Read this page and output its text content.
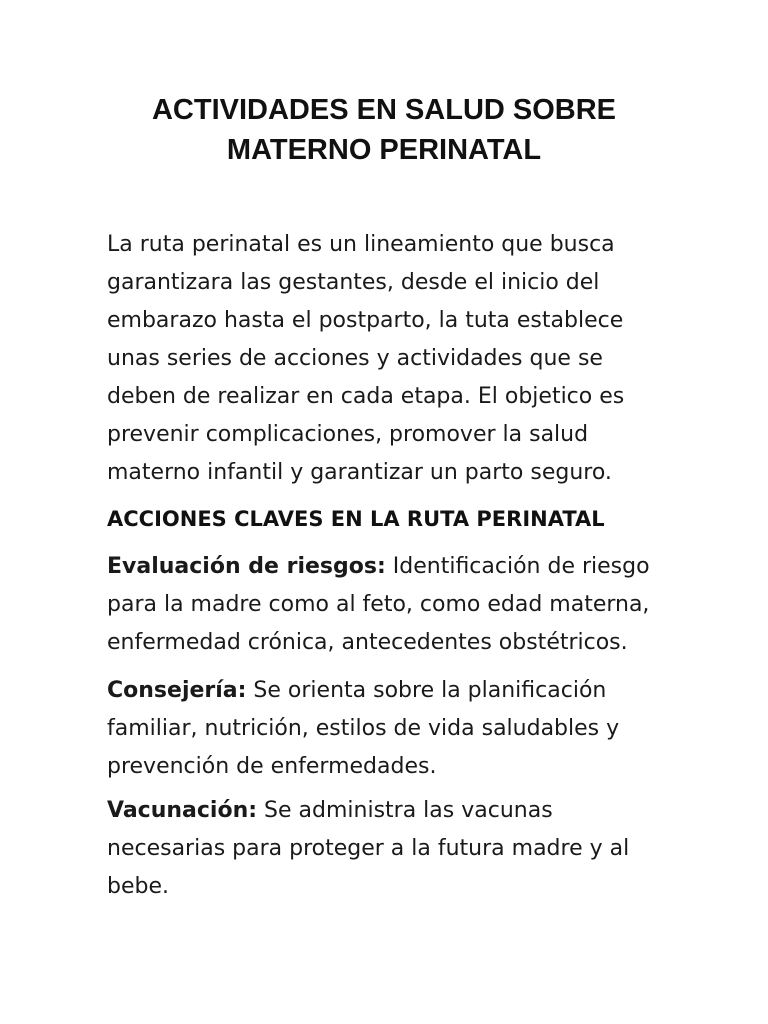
ACTIVIDADES EN SALUD SOBRE
MATERNO PERINATAL

La ruta perinatal es un lineamiento que busca
garantizara las gestantes, desde el inicio del
embarazo hasta el postparto, la tuta establece
unas series de acciones y actividades que se
deben de realizar en cada etapa. El objetico es
prevenir complicaciones, promover la salud
materno infantil y garantizar un parto seguro.

ACCIONES CLAVES EN LA RUTA PERINATAL

Evaluación de riesgos: Identificación de riesgo
para la madre como al feto, como edad materna,
enfermedad crónica, antecedentes obstétricos.

Consejería: Se orienta sobre la planificación
familiar, nutrición, estilos de vida saludables y
prevención de enfermedades.

Vacunación: Se administra las vacunas
necesarias para proteger a la futura madre y al
bebe.
